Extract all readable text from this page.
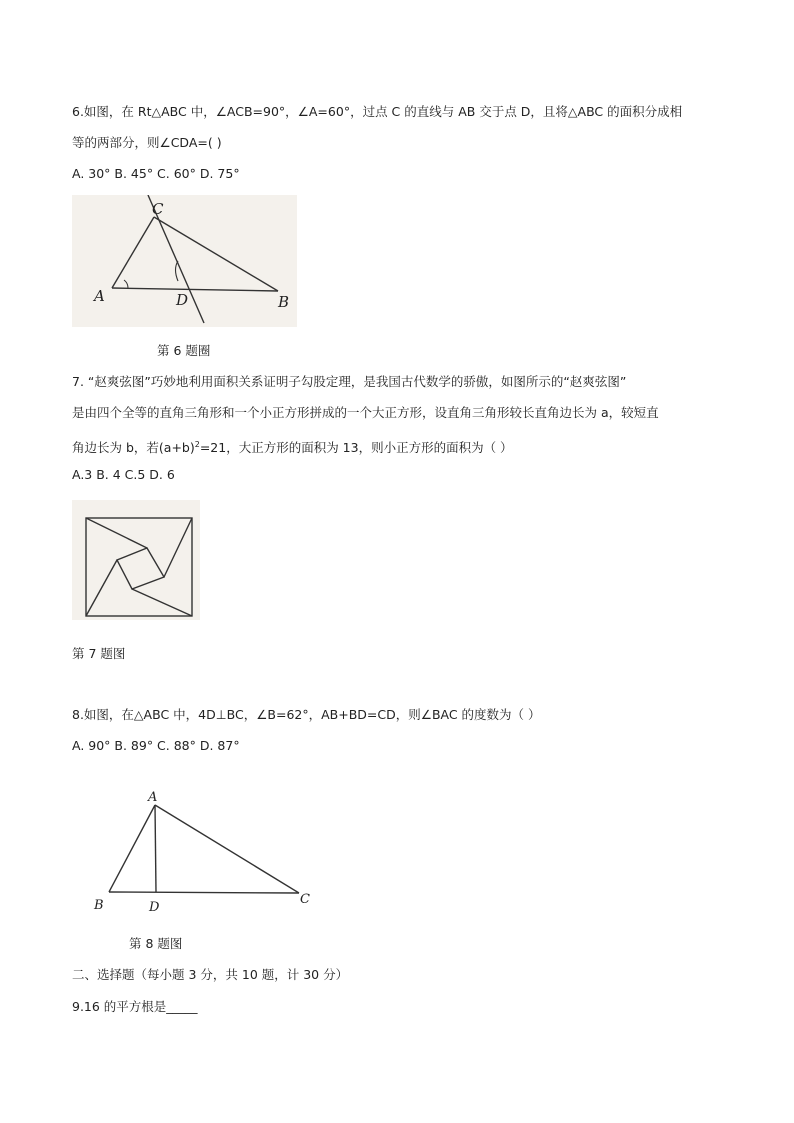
6.如图，在 Rt△ABC 中，∠ACB=90°，∠A=60°，过点 C 的直线与 AB 交于点 D，且将△ABC 的面积分成相
等的两部分，则∠CDA=( )
A. 30° B. 45° C. 60° D. 75°
C
A	D	B
第 6 题圈
7. “赵爽弦图”巧妙地利用面积关系证明子勾股定理，是我国古代数学的骄傲，如图所示的“赵爽弦图”
是由四个全等的直角三角形和一个小正方形拼成的一个大正方形，设直角三角形较长直角边长为 a，较短直
角边长为 b，若$(a+b)^2=21$，大正方形的面积为 13，则小正方形的面积为（ ）
A.3 B. 4 C.5 D. 6
第 7 题图
8.如图，在△ABC 中，4D⊥BC，∠B=62°，AB+BD=CD，则∠BAC 的度数为（ ）
A. 90° B. 89° C. 88° D. 87°
A
B	D
C
第 8 题图
二、选择题（每小题 3 分，共 10 题，计 30 分）
9.16 的平方根是_____
